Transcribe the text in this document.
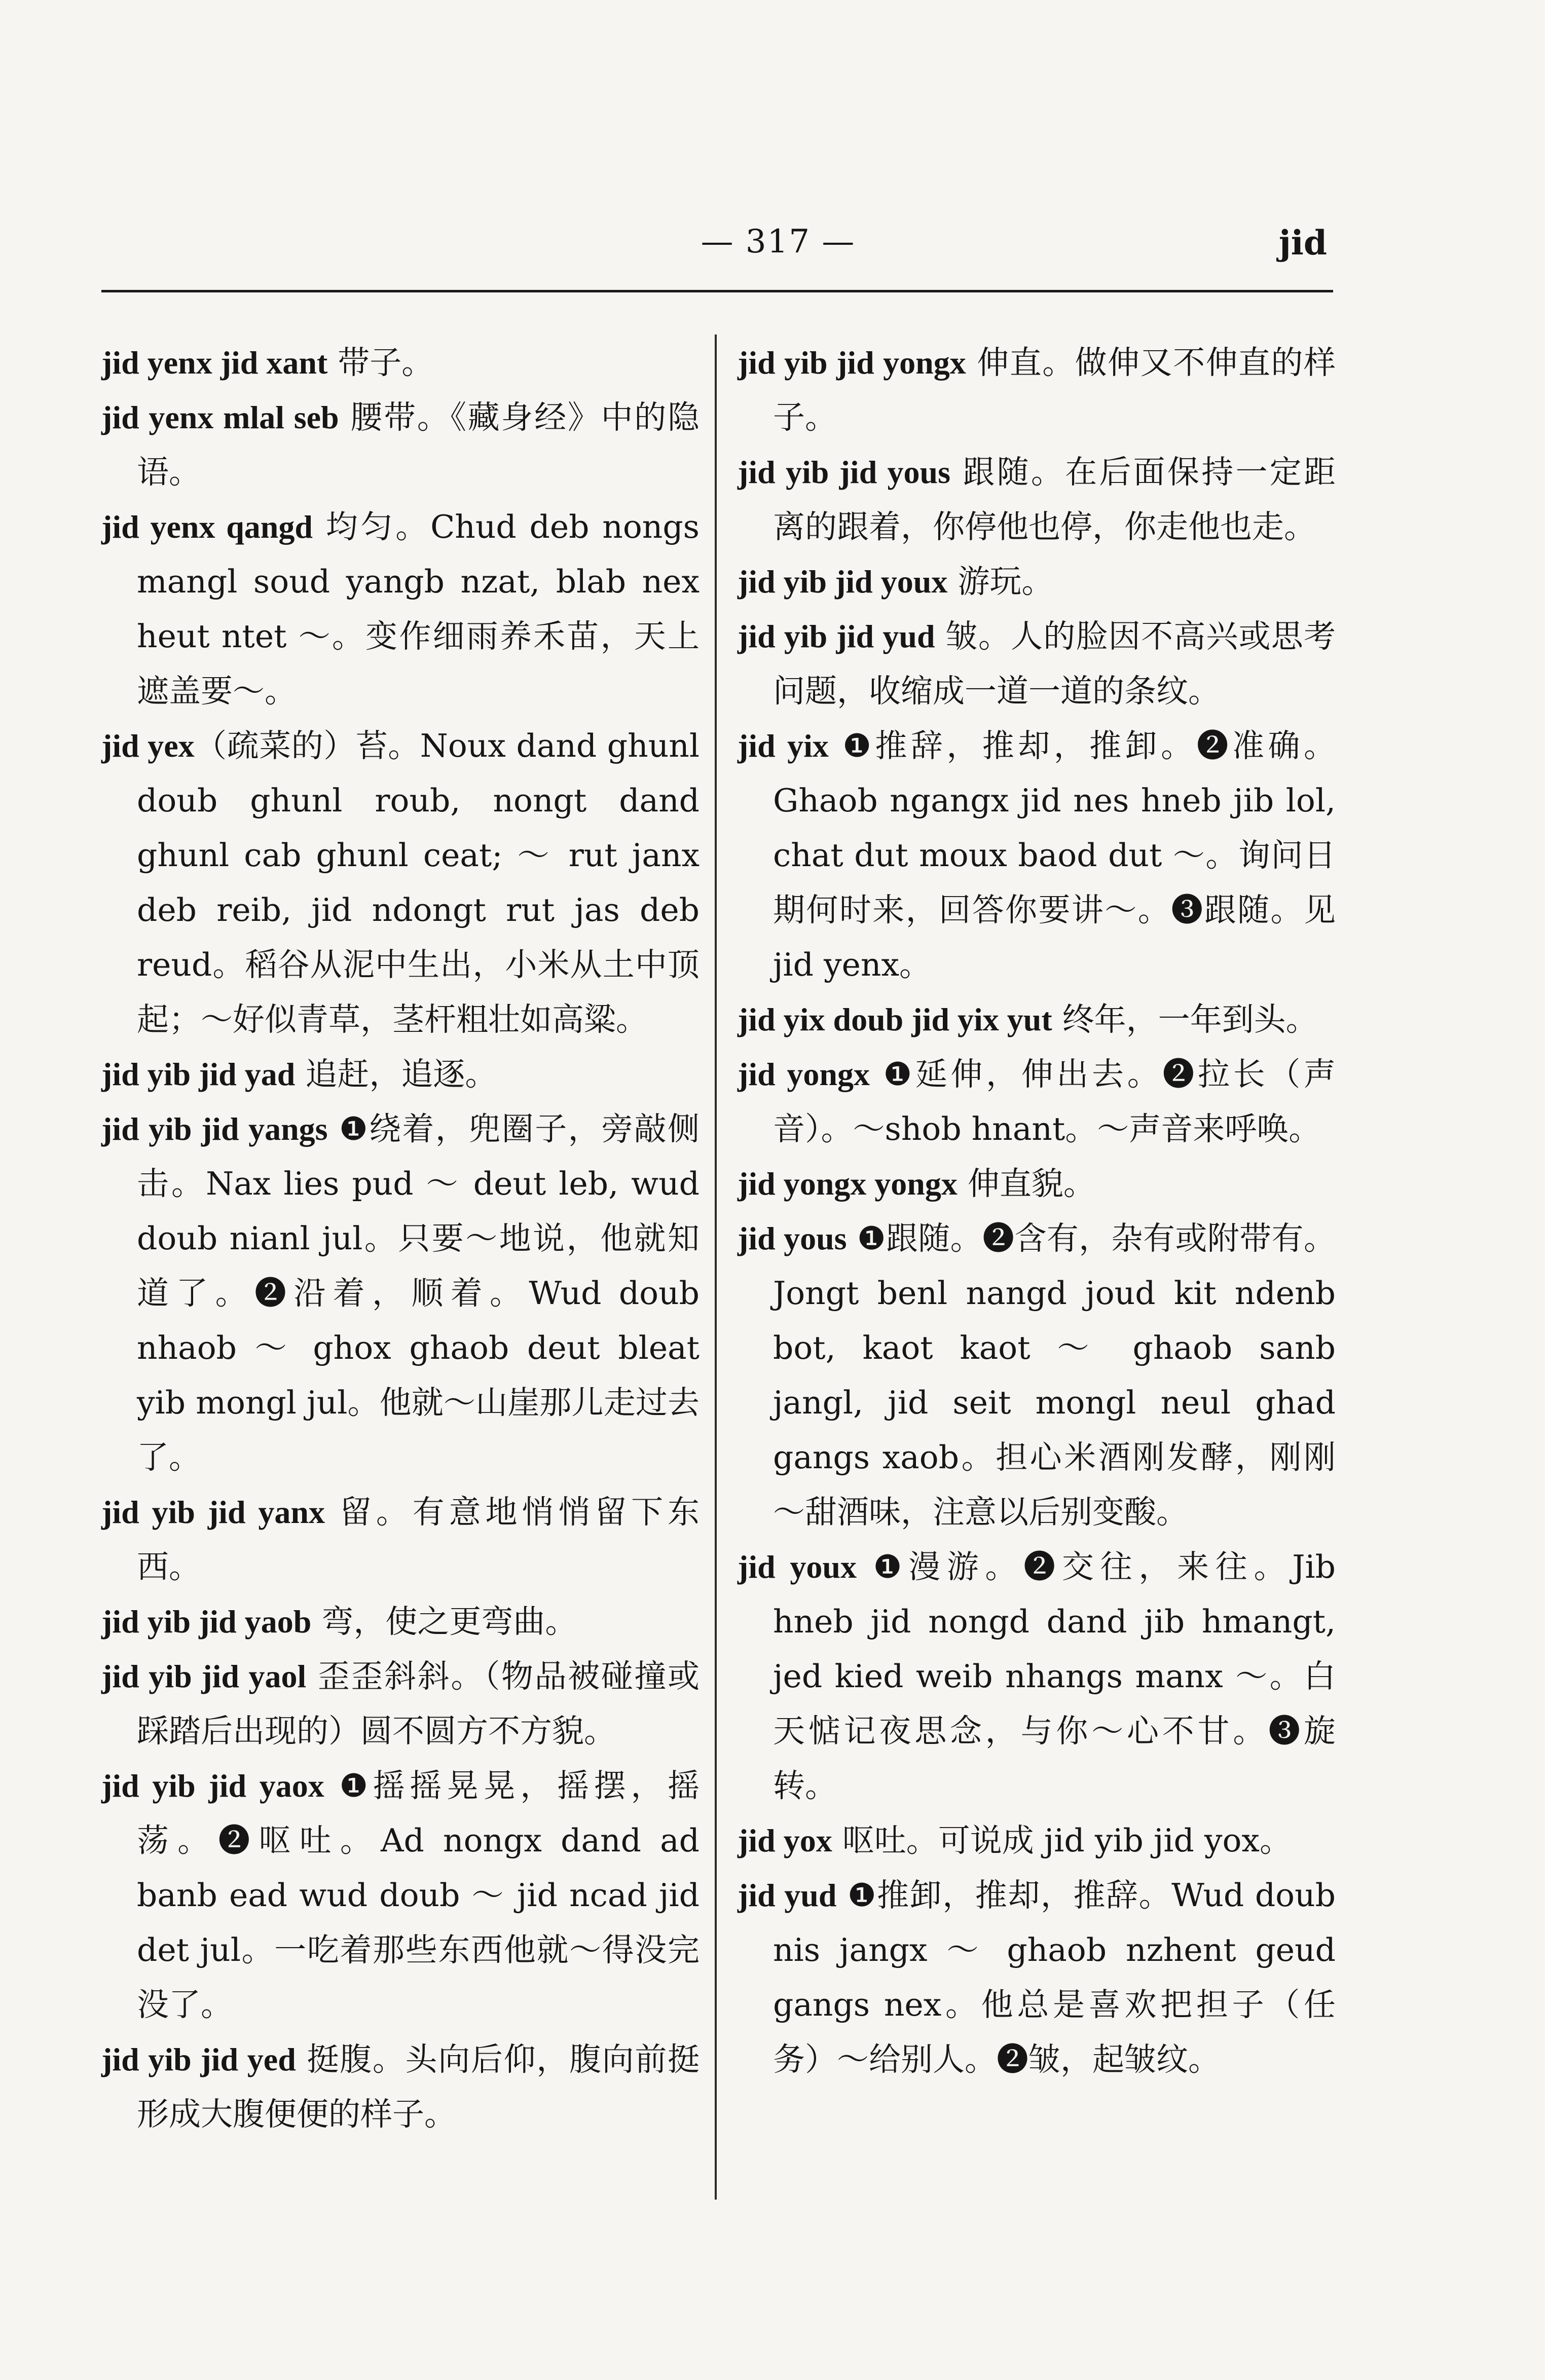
— 317 —	jid

jid yenx jid xant 带子。

jid yenx mlal seb 腰带。《藏身经》中的隐语。

jid yenx qangd 均匀。Chud deb nongs mangl soud yangb nzat, blab nex heut ntet ～。变作细雨养禾苗，天上遮盖要～。

jid yex（疏菜的）苔。Noux dand ghunl doub ghunl roub, nongt dand ghunl cab ghunl ceat; ～ rut janx deb reib, jid ndongt rut jas deb reud。稻谷从泥中生出，小米从土中顶起；～好似青草，茎杆粗壮如高粱。

jid yib jid yad 追赶，追逐。

jid yib jid yangs ❶绕着，兜圈子，旁敲侧击。Nax lies pud ～ deut leb, wud doub nianl jul。只要～地说，他就知道了。❷沿着，顺着。Wud doub nhaob ～ ghox ghaob deut bleat yib mongl jul。他就～山崖那儿走过去了。

jid yib jid yanx 留。有意地悄悄留下东西。

jid yib jid yaob 弯，使之更弯曲。

jid yib jid yaol 歪歪斜斜。（物品被碰撞或踩踏后出现的）圆不圆方不方貌。

jid yib jid yaox ❶摇摇晃晃，摇摆，摇荡。❷呕吐。Ad nongx dand ad banb ead wud doub ～ jid ncad jid det jul。一吃着那些东西他就～得没完没了。

jid yib jid yed 挺腹。头向后仰，腹向前挺形成大腹便便的样子。

jid yib jid yongx 伸直。做伸又不伸直的样子。

jid yib jid yous 跟随。在后面保持一定距离的跟着，你停他也停，你走他也走。

jid yib jid youx 游玩。

jid yib jid yud 皱。人的脸因不高兴或思考问题，收缩成一道一道的条纹。

jid yix ❶推辞，推却，推卸。❷准确。Ghaob ngangx jid nes hneb jib lol, chat dut moux baod dut ～。询问日期何时来，回答你要讲～。❸跟随。见 jid yenx。

jid yix doub jid yix yut 终年，一年到头。

jid yongx ❶延伸，伸出去。❷拉长（声音）。～shob hnant。～声音来呼唤。

jid yongx yongx 伸直貌。

jid yous ❶跟随。❷含有，杂有或附带有。Jongt benl nangd joud kit ndenb bot, kaot kaot ～ ghaob sanb jangl, jid seit mongl neul ghad gangs xaob。担心米酒刚发酵，刚刚～甜酒味，注意以后别变酸。

jid youx ❶漫游。❷交往，来往。Jib hneb jid nongd dand jib hmangt, jed kied weib nhangs manx ～。白天惦记夜思念，与你～心不甘。❸旋转。

jid yox 呕吐。可说成 jid yib jid yox。

jid yud ❶推卸，推却，推辞。Wud doub nis jangx ～ ghaob nzhent geud gangs nex。他总是喜欢把担子（任务）～给别人。❷皱，起皱纹。
